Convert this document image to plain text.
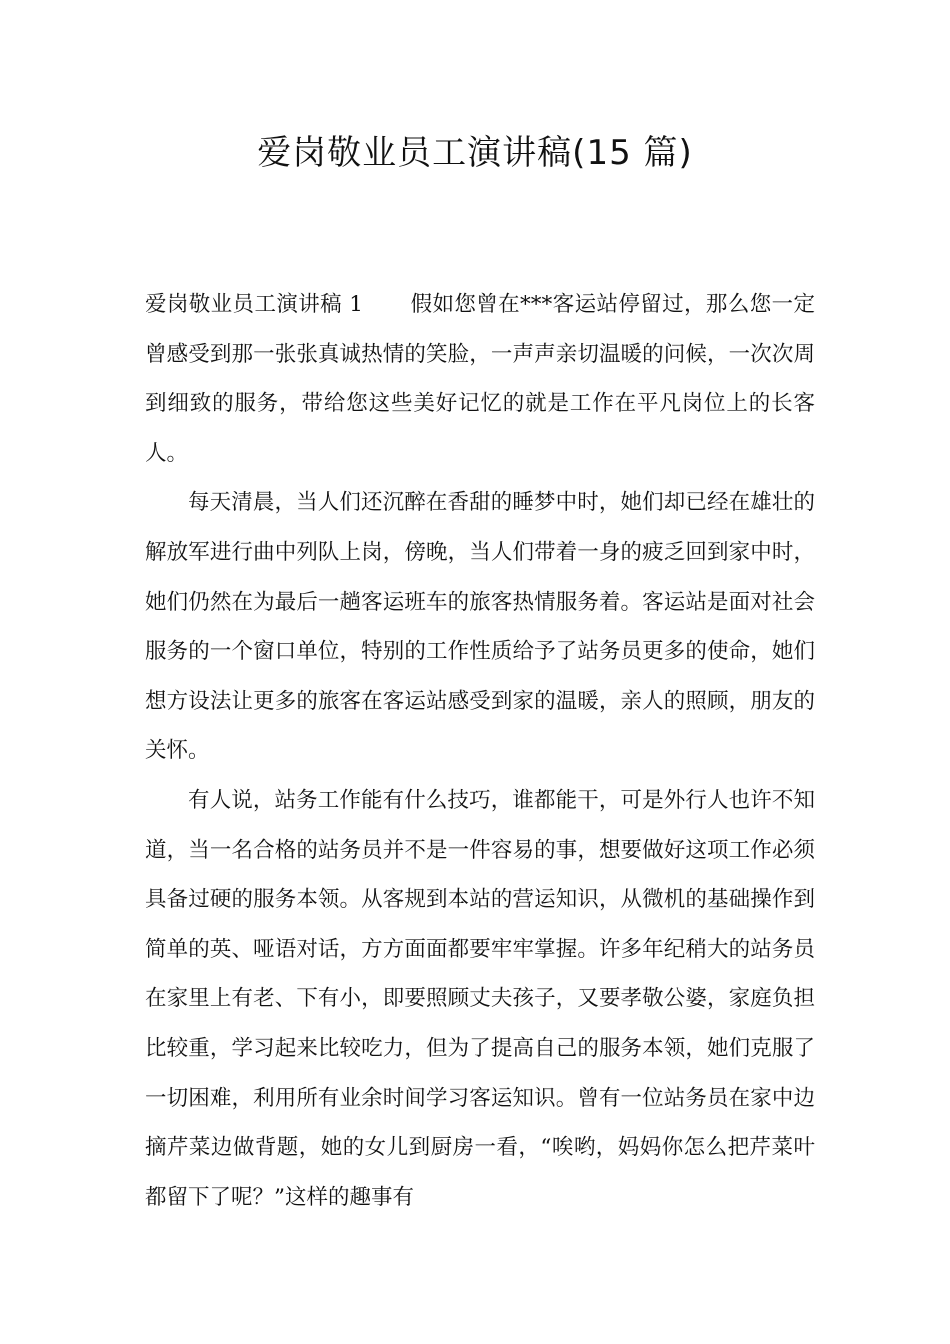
爱岗敬业员工演讲稿(15 篇)

爱岗敬业员工演讲稿 1 假如您曾在***客运站停留过，那么您一定曾感受到那一张张真诚热情的笑脸，一声声亲切温暖的问候，一次次周到细致的服务，带给您这些美好记忆的就是工作在平凡岗位上的长客人。

每天清晨，当人们还沉醉在香甜的睡梦中时，她们却已经在雄壮的解放军进行曲中列队上岗，傍晚，当人们带着一身的疲乏回到家中时，她们仍然在为最后一趟客运班车的旅客热情服务着。客运站是面对社会服务的一个窗口单位，特别的工作性质给予了站务员更多的使命，她们想方设法让更多的旅客在客运站感受到家的温暖，亲人的照顾，朋友的关怀。

有人说，站务工作能有什么技巧，谁都能干，可是外行人也许不知道，当一名合格的站务员并不是一件容易的事，想要做好这项工作必须具备过硬的服务本领。从客规到本站的营运知识，从微机的基础操作到简单的英、哑语对话，方方面面都要牢牢掌握。许多年纪稍大的站务员在家里上有老、下有小，即要照顾丈夫孩子，又要孝敬公婆，家庭负担比较重，学习起来比较吃力，但为了提高自己的服务本领，她们克服了一切困难，利用所有业余时间学习客运知识。曾有一位站务员在家中边摘芹菜边做背题，她的女儿到厨房一看，“唉哟，妈妈你怎么把芹菜叶都留下了呢？”这样的趣事有
